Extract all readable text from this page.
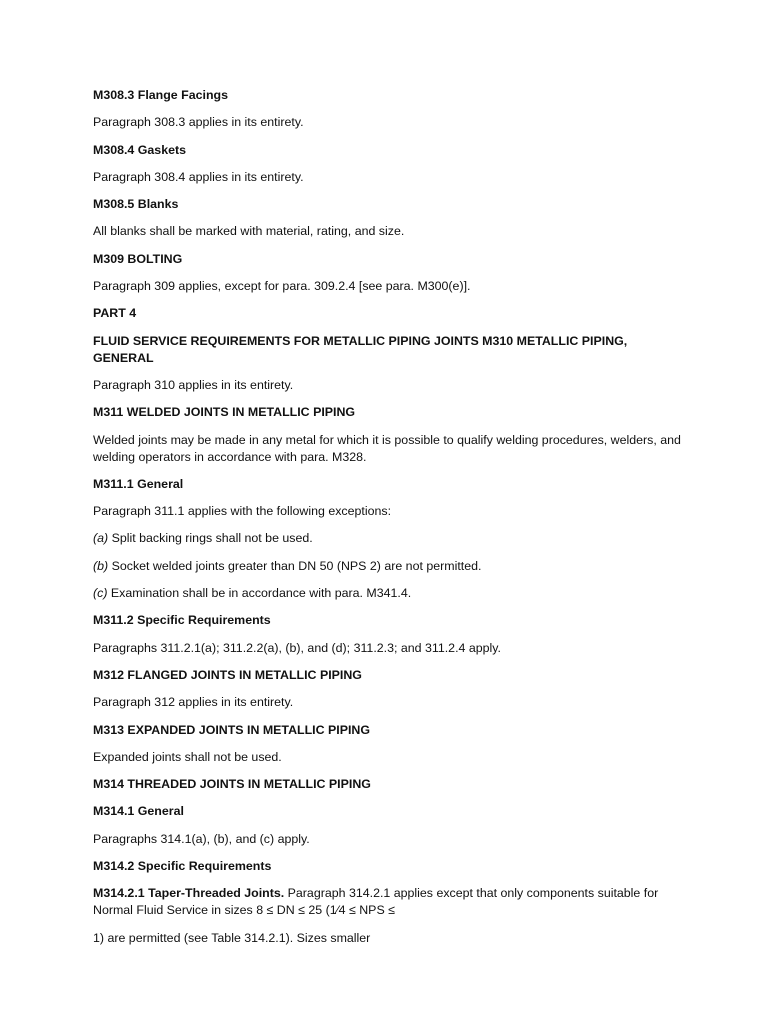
M308.3 Flange Facings

Paragraph 308.3 applies in its entirety.

M308.4 Gaskets

Paragraph 308.4 applies in its entirety.

M308.5 Blanks

All blanks shall be marked with material, rating, and size.

M309 BOLTING

Paragraph 309 applies, except for para. 309.2.4 [see para. M300(e)].

PART 4

FLUID SERVICE REQUIREMENTS FOR METALLIC PIPING JOINTS M310 METALLIC PIPING, GENERAL

Paragraph 310 applies in its entirety.

M311 WELDED JOINTS IN METALLIC PIPING

Welded joints may be made in any metal for which it is possible to qualify welding procedures, welders, and welding operators in accordance with para. M328.

M311.1 General

Paragraph 311.1 applies with the following exceptions:

(a) Split backing rings shall not be used.

(b) Socket welded joints greater than DN 50 (NPS 2) are not permitted.

(c) Examination shall be in accordance with para. M341.4.

M311.2 Specific Requirements

Paragraphs 311.2.1(a); 311.2.2(a), (b), and (d); 311.2.3; and 311.2.4 apply.

M312 FLANGED JOINTS IN METALLIC PIPING

Paragraph 312 applies in its entirety.

M313 EXPANDED JOINTS IN METALLIC PIPING

Expanded joints shall not be used.

M314 THREADED JOINTS IN METALLIC PIPING

M314.1 General

Paragraphs 314.1(a), (b), and (c) apply.

M314.2 Specific Requirements

M314.2.1 Taper-Threaded Joints. Paragraph 314.2.1 applies except that only components suitable for Normal Fluid Service in sizes 8 ≤ DN ≤ 25 (1⁄4 ≤ NPS ≤

1) are permitted (see Table 314.2.1). Sizes smaller
